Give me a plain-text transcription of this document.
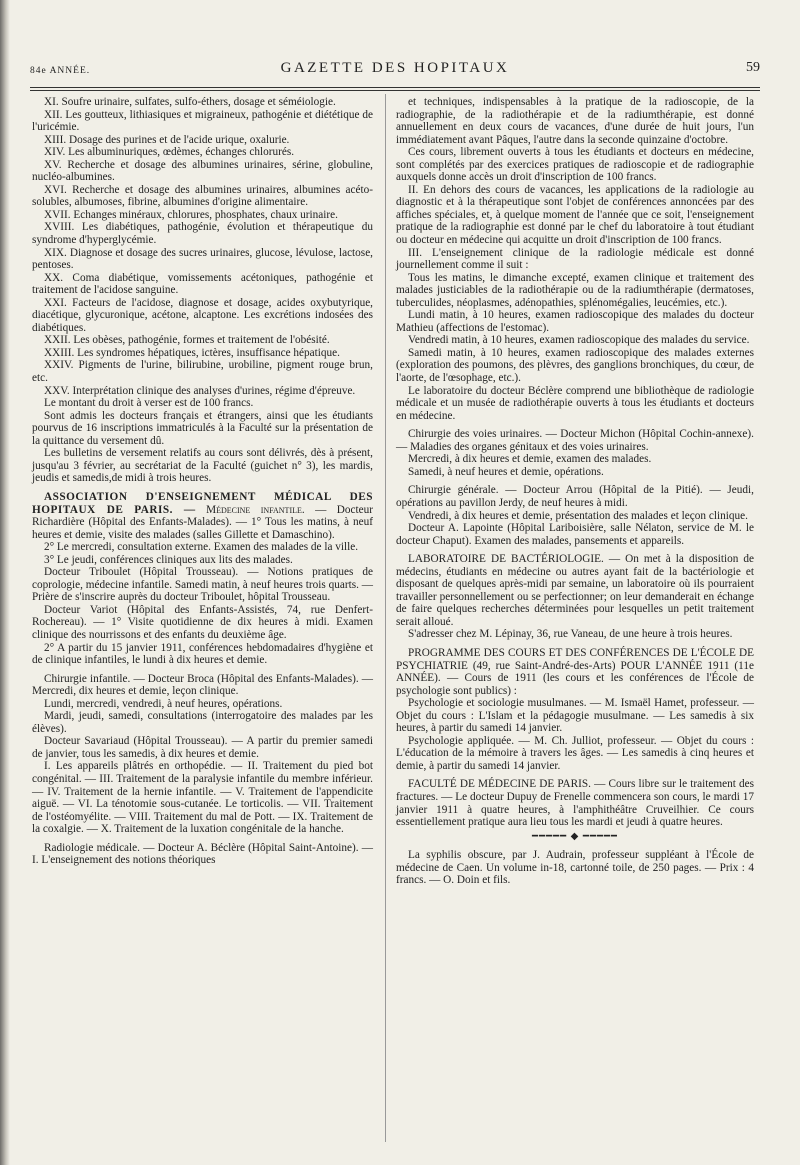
84e ANNÉE.	GAZETTE DES HOPITAUX	59

XI. Soufre urinaire, sulfates, sulfo-éthers, dosage et séméiologie.

XII. Les goutteux, lithiasiques et migraineux, pathogénie et diététique de l'uricémie.

XIII. Dosage des purines et de l'acide urique, oxalurie.

XIV. Les albuminuriques, œdèmes, échanges chlorurés.

XV. Recherche et dosage des albumines urinaires, sérine, globuline, nucléo-albumines.

XVI. Recherche et dosage des albumines urinaires, albumines acéto-solubles, albumoses, fibrine, albumines d'origine alimentaire.

XVII. Echanges minéraux, chlorures, phosphates, chaux urinaire.

XVIII. Les diabétiques, pathogénie, évolution et thérapeutique du syndrome d'hyperglycémie.

XIX. Diagnose et dosage des sucres urinaires, glucose, lévulose, lactose, pentoses.

XX. Coma diabétique, vomissements acétoniques, pathogénie et traitement de l'acidose sanguine.

XXI. Facteurs de l'acidose, diagnose et dosage, acides oxybutyrique, diacétique, glycuronique, acétone, alcaptone. Les excrétions indosées des diabétiques.

XXII. Les obèses, pathogénie, formes et traitement de l'obésité.

XXIII. Les syndromes hépatiques, ictères, insuffisance hépatique.

XXIV. Pigments de l'urine, bilirubine, urobiline, pigment rouge brun, etc.

XXV. Interprétation clinique des analyses d'urines, régime d'épreuve.

Le montant du droit à verser est de 100 francs.

Sont admis les docteurs français et étrangers, ainsi que les étudiants pourvus de 16 inscriptions immatriculés à la Faculté sur la présentation de la quittance du versement dû.

Les bulletins de versement relatifs au cours sont délivrés, dès à présent, jusqu'au 3 février, au secrétariat de la Faculté (guichet n° 3), les mardis, jeudis et samedis,de midi à trois heures.

ASSOCIATION D'ENSEIGNEMENT MÉDICAL DES HOPITAUX DE PARIS. — Médecine infantile. — Docteur Richardière (Hôpital des Enfants-Malades). — 1° Tous les matins, à neuf heures et demie, visite des malades (salles Gillette et Damaschino).

2° Le mercredi, consultation externe. Examen des malades de la ville.

3° Le jeudi, conférences cliniques aux lits des malades.

Docteur Triboulet (Hôpital Trousseau). — Notions pratiques de coprologie, médecine infantile. Samedi matin, à neuf heures trois quarts. — Prière de s'inscrire auprès du docteur Triboulet, hôpital Trousseau.

Docteur Variot (Hôpital des Enfants-Assistés, 74, rue Denfert-Rochereau). — 1° Visite quotidienne de dix heures à midi. Examen clinique des nourrissons et des enfants du deuxième âge.

2° A partir du 15 janvier 1911, conférences hebdomadaires d'hygiène et de clinique infantiles, le lundi à dix heures et demie.

Chirurgie infantile. — Docteur Broca (Hôpital des Enfants-Malades). — Mercredi, dix heures et demie, leçon clinique.

Lundi, mercredi, vendredi, à neuf heures, opérations.

Mardi, jeudi, samedi, consultations (interrogatoire des malades par les élèves).

Docteur Savariaud (Hôpital Trousseau). — A partir du premier samedi de janvier, tous les samedis, à dix heures et demie.

I. Les appareils plâtrés en orthopédie. — II. Traitement du pied bot congénital. — III. Traitement de la paralysie infantile du membre inférieur. — IV. Traitement de la hernie infantile. — V. Traitement de l'appendicite aiguë. — VI. La ténotomie sous-cutanée. Le torticolis. — VII. Traitement de l'ostéomyélite. — VIII. Traitement du mal de Pott. — IX. Traitement de la coxalgie. — X. Traitement de la luxation congénitale de la hanche.

Radiologie médicale. — Docteur A. Béclère (Hôpital Saint-Antoine). — I. L'enseignement des notions théoriques

et techniques, indispensables à la pratique de la radioscopie, de la radiographie, de la radiothérapie et de la radiumthérapie, est donné annuellement en deux cours de vacances, d'une durée de huit jours, l'un immédiatement avant Pâques, l'autre dans la seconde quinzaine d'octobre.

Ces cours, librement ouverts à tous les étudiants et docteurs en médecine, sont complétés par des exercices pratiques de radioscopie et de radiographie auxquels donne accès un droit d'inscription de 100 francs.

II. En dehors des cours de vacances, les applications de la radiologie au diagnostic et à la thérapeutique sont l'objet de conférences annoncées par des affiches spéciales, et, à quelque moment de l'année que ce soit, l'enseignement pratique de la radiographie est donné par le chef du laboratoire à tout étudiant ou docteur en médecine qui acquitte un droit d'inscription de 100 francs.

III. L'enseignement clinique de la radiologie médicale est donné journellement comme il suit :

Tous les matins, le dimanche excepté, examen clinique et traitement des malades justiciables de la radiothérapie ou de la radiumthérapie (dermatoses, tuberculides, néoplasmes, adénopathies, splénomégalies, leucémies, etc.).

Lundi matin, à 10 heures, examen radioscopique des malades du docteur Mathieu (affections de l'estomac).

Vendredi matin, à 10 heures, examen radioscopique des malades du service.

Samedi matin, à 10 heures, examen radioscopique des malades externes (exploration des poumons, des plèvres, des ganglions bronchiques, du cœur, de l'aorte, de l'œsophage, etc.).

Le laboratoire du docteur Béclère comprend une bibliothèque de radiologie médicale et un musée de radiothérapie ouverts à tous les étudiants et docteurs en médecine.

Chirurgie des voies urinaires. — Docteur Michon (Hôpital Cochin-annexe). — Maladies des organes génitaux et des voies urinaires.

Mercredi, à dix heures et demie, examen des malades.

Samedi, à neuf heures et demie, opérations.

Chirurgie générale. — Docteur Arrou (Hôpital de la Pitié). — Jeudi, opérations au pavillon Jerdy, de neuf heures à midi.

Vendredi, à dix heures et demie, présentation des malades et leçon clinique.

Docteur A. Lapointe (Hôpital Lariboisière, salle Nélaton, service de M. le docteur Chaput). Examen des malades, pansements et appareils.

LABORATOIRE DE BACTÉRIOLOGIE. — On met à la disposition de médecins, étudiants en médecine ou autres ayant fait de la bactériologie et disposant de quelques après-midi par semaine, un laboratoire où ils pourraient travailler personnellement ou se perfectionner; on leur demanderait en échange de faire quelques recherches déterminées pour lesquelles un petit traitement serait alloué.

S'adresser chez M. Lépinay, 36, rue Vaneau, de une heure à trois heures.

PROGRAMME DES COURS ET DES CONFÉRENCES DE L'ÉCOLE DE PSYCHIATRIE (49, rue Saint-André-des-Arts) POUR L'ANNÉE 1911 (11e ANNÉE). — Cours de 1911 (les cours et les conférences de l'École de psychologie sont publics) :

Psychologie et sociologie musulmanes. — M. Ismaël Hamet, professeur. — Objet du cours : L'Islam et la pédagogie musulmane. — Les samedis à six heures, à partir du samedi 14 janvier.

Psychologie appliquée. — M. Ch. Julliot, professeur. — Objet du cours : L'éducation de la mémoire à travers les âges. — Les samedis à cinq heures et demie, à partir du samedi 14 janvier.

FACULTÉ DE MÉDECINE DE PARIS. — Cours libre sur le traitement des fractures. — Le docteur Dupuy de Frenelle commencera son cours, le mardi 17 janvier 1911 à quatre heures, à l'amphithéâtre Cruveilhier. Ce cours essentiellement pratique aura lieu tous les mardi et jeudi à quatre heures.

━━━━━ ◆ ━━━━━

La syphilis obscure, par J. Audrain, professeur suppléant à l'École de médecine de Caen. Un volume in-18, cartonné toile, de 250 pages. — Prix : 4 francs. — O. Doin et fils.
